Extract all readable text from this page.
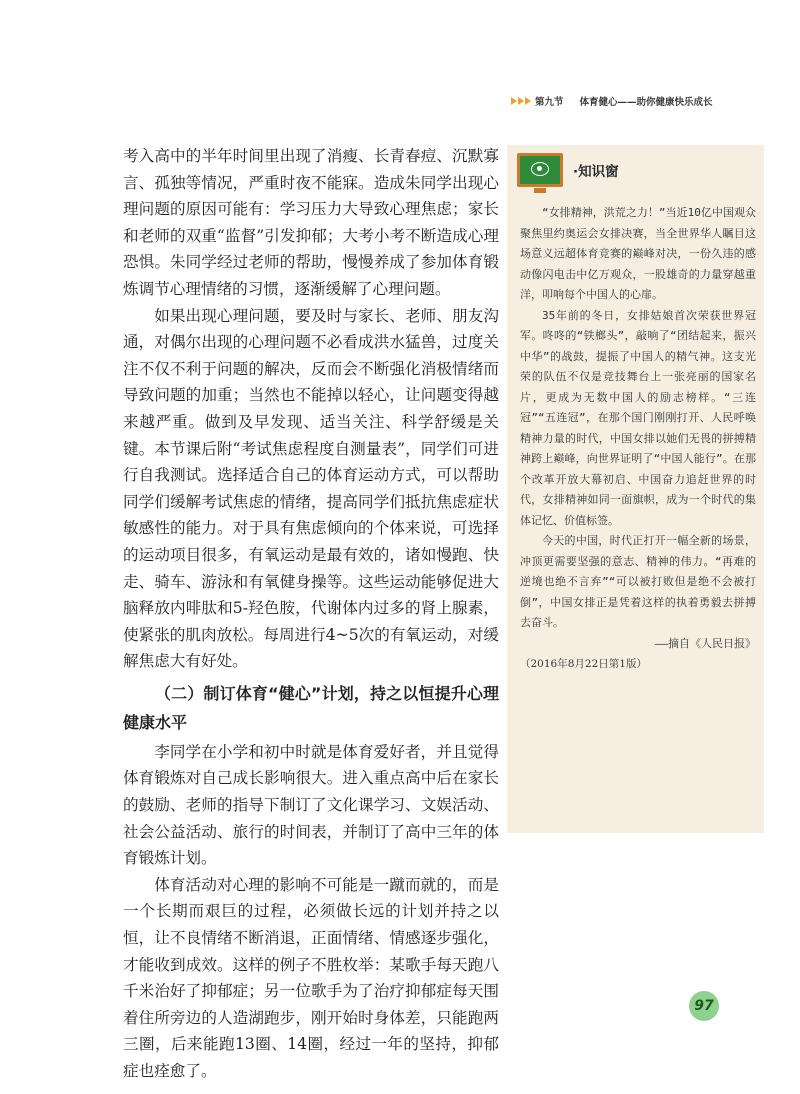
第九节 体育健心——助你健康快乐成长

考入高中的半年时间里出现了消瘦、长青春痘、沉默寡言、孤独等情况，严重时夜不能寐。造成朱同学出现心理问题的原因可能有：学习压力大导致心理焦虑；家长和老师的双重“监督”引发抑郁；大考小考不断造成心理恐惧。朱同学经过老师的帮助，慢慢养成了参加体育锻炼调节心理情绪的习惯，逐渐缓解了心理问题。

如果出现心理问题，要及时与家长、老师、朋友沟通，对偶尔出现的心理问题不必看成洪水猛兽，过度关注不仅不利于问题的解决，反而会不断强化消极情绪而导致问题的加重；当然也不能掉以轻心，让问题变得越来越严重。做到及早发现、适当关注、科学舒缓是关键。本节课后附“考试焦虑程度自测量表”，同学们可进行自我测试。选择适合自己的体育运动方式，可以帮助同学们缓解考试焦虑的情绪，提高同学们抵抗焦虑症状敏感性的能力。对于具有焦虑倾向的个体来说，可选择的运动项目很多，有氧运动是最有效的，诸如慢跑、快走、骑车、游泳和有氧健身操等。这些运动能够促进大脑释放内啡肽和5-羟色胺，代谢体内过多的肾上腺素，使紧张的肌肉放松。每周进行4~5次的有氧运动，对缓解焦虑大有好处。

（二）制订体育“健心”计划，持之以恒提升心理健康水平

李同学在小学和初中时就是体育爱好者，并且觉得体育锻炼对自己成长影响很大。进入重点高中后在家长的鼓励、老师的指导下制订了文化课学习、文娱活动、社会公益活动、旅行的时间表，并制订了高中三年的体育锻炼计划。

体育活动对心理的影响不可能是一蹴而就的，而是一个长期而艰巨的过程，必须做长远的计划并持之以恒，让不良情绪不断消退，正面情绪、情感逐步强化，才能收到成效。这样的例子不胜枚举：某歌手每天跑八千米治好了抑郁症；另一位歌手为了治疗抑郁症每天围着住所旁边的人造湖跑步，刚开始时身体差，只能跑两三圈，后来能跑13圈、14圈，经过一年的坚持，抑郁症也痊愈了。

·知识窗

“女排精神，洪荒之力！”当近10亿中国观众聚焦里约奥运会女排决赛，当全世界华人瞩目这场意义远超体育竞赛的巅峰对决，一份久违的感动像闪电击中亿万观众，一股雄奇的力量穿越重洋，叩响每个中国人的心扉。

35年前的冬日，女排姑娘首次荣获世界冠军。咚咚的“铁榔头”，敲响了“团结起来，振兴中华”的战鼓，提振了中国人的精气神。这支光荣的队伍不仅是竞技舞台上一张亮丽的国家名片，更成为无数中国人的励志榜样。“三连冠”“五连冠”，在那个国门刚刚打开、人民呼唤精神力量的时代，中国女排以她们无畏的拼搏精神跨上巅峰，向世界证明了“中国人能行”。在那个改革开放大幕初启、中国奋力追赶世界的时代，女排精神如同一面旗帜，成为一个时代的集体记忆、价值标签。

今天的中国，时代正打开一幅全新的场景，冲顶更需要坚强的意志、精神的伟力。“再难的逆境也绝不言弃”“可以被打败但是绝不会被打倒”，中国女排正是凭着这样的执着勇毅去拼搏去奋斗。

——摘自《人民日报》

（2016年8月22日第1版）

97
